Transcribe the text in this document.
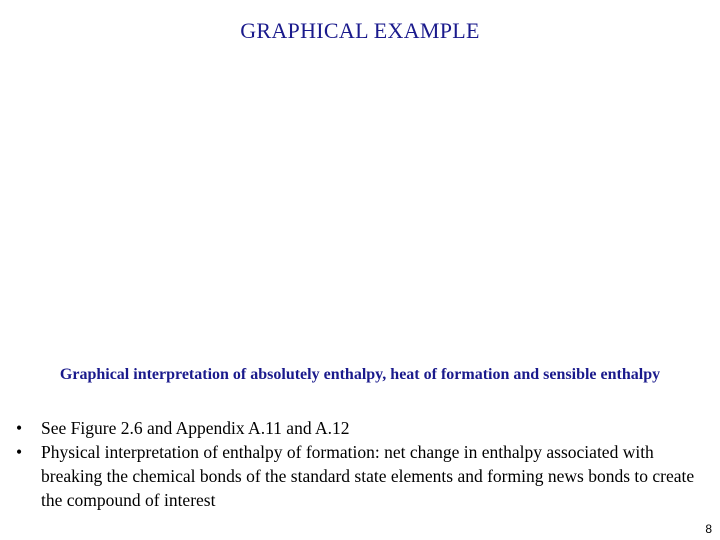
GRAPHICAL EXAMPLE
Graphical interpretation of absolutely enthalpy, heat of formation and sensible enthalpy
• See Figure 2.6 and Appendix A.11 and A.12
• Physical interpretation of enthalpy of formation: net change in enthalpy associated with breaking the chemical bonds of the standard state elements and forming news bonds to create the compound of interest
8
